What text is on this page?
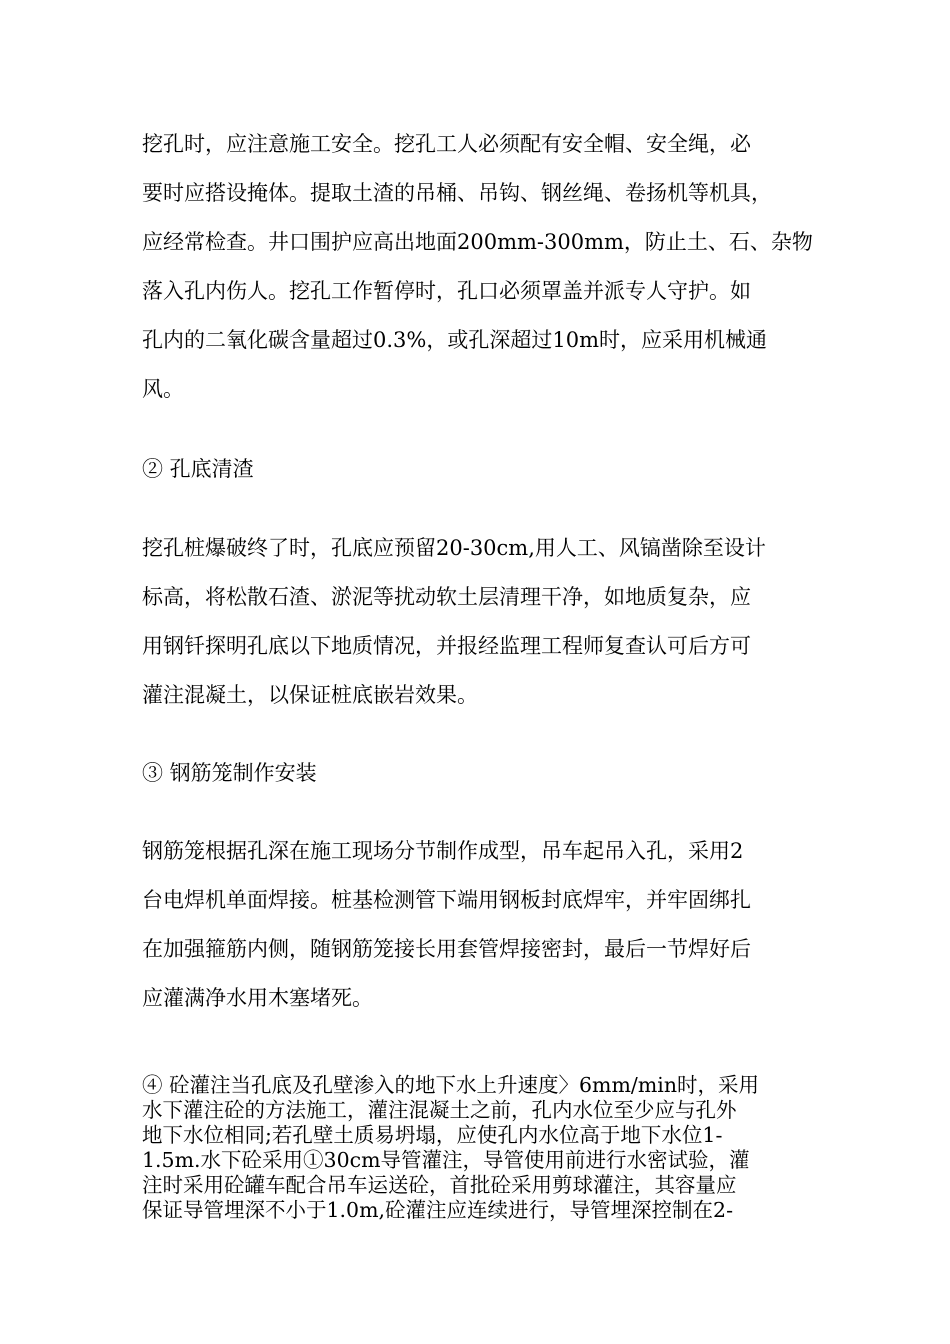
挖孔时，应注意施工安全。挖孔工人必须配有安全帽、安全绳，必
要时应搭设掩体。提取土渣的吊桶、吊钩、钢丝绳、卷扬机等机具，
应经常检查。井口围护应高出地面200mm-300mm，防止土、石、杂物
落入孔内伤人。挖孔工作暂停时，孔口必须罩盖并派专人守护。如
孔内的二氧化碳含量超过0.3%，或孔深超过10m时，应采用机械通
风。
② 孔底清渣
挖孔桩爆破终了时，孔底应预留20-30cm,用人工、风镐凿除至设计
标高，将松散石渣、淤泥等扰动软土层清理干净，如地质复杂，应
用钢钎探明孔底以下地质情况，并报经监理工程师复查认可后方可
灌注混凝土，以保证桩底嵌岩效果。
③ 钢筋笼制作安装
钢筋笼根据孔深在施工现场分节制作成型，吊车起吊入孔，采用2
台电焊机单面焊接。桩基检测管下端用钢板封底焊牢，并牢固绑扎
在加强箍筋内侧，随钢筋笼接长用套管焊接密封，最后一节焊好后
应灌满净水用木塞堵死。
④ 砼灌注当孔底及孔壁渗入的地下水上升速度〉6mm/min时，采用
水下灌注砼的方法施工，灌注混凝土之前，孔内水位至少应与孔外
地下水位相同;若孔壁土质易坍塌，应使孔内水位高于地下水位1-
1.5m.水下砼采用①30cm导管灌注，导管使用前进行水密试验，灌
注时采用砼罐车配合吊车运送砼，首批砼采用剪球灌注，其容量应
保证导管埋深不小于1.0m,砼灌注应连续进行，导管埋深控制在2-
